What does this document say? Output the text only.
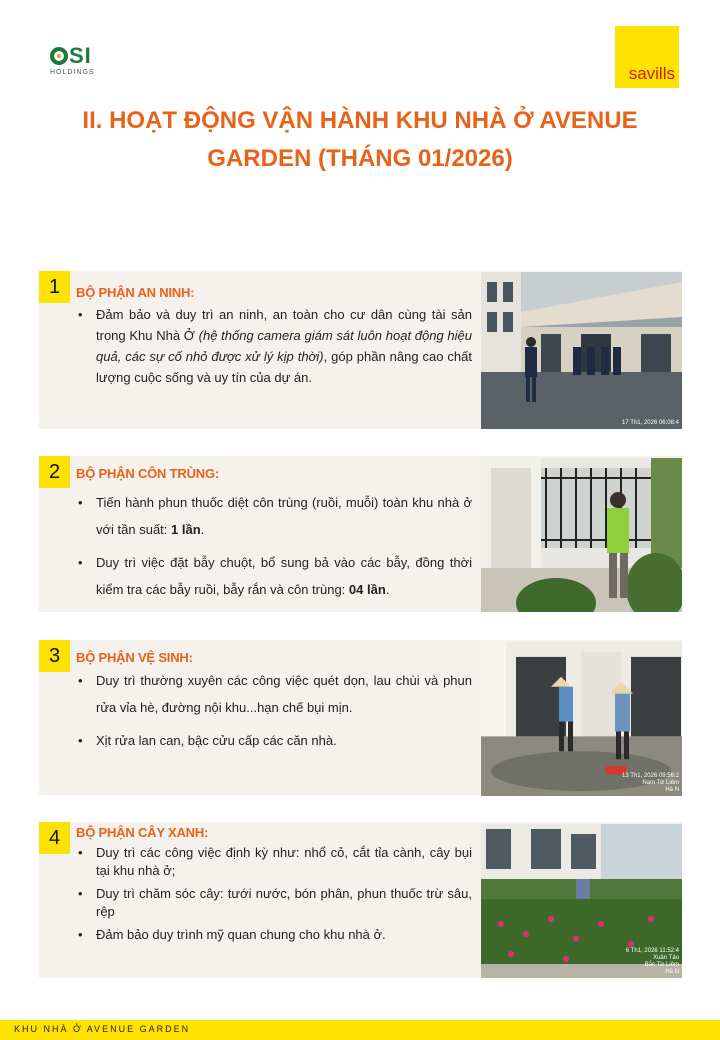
SI
HOLDINGS	savills
II. HOẠT ĐỘNG VẬN HÀNH KHU NHÀ Ở AVENUE
GARDEN (THÁNG 01/2026)
1	BỘ PHẬN AN NINH:
• Đảm bảo và duy trì an ninh, an toàn cho cư dân cùng tài sản trong Khu Nhà Ở (hệ thống camera giám sát luôn hoạt động hiệu quả, các sự cố nhỏ được xử lý kịp thời), góp phần nâng cao chất lượng cuộc sống và uy tín của dự án.
17 Th1, 2026 06:08:4
2	BỘ PHẬN CÔN TRÙNG:
• Tiến hành phun thuốc diệt côn trùng (ruồi, muỗi) toàn khu nhà ở với tần suất: 1 lần.
• Duy trì việc đặt bẫy chuột, bổ sung bả vào các bẫy, đồng thời kiểm tra các bẫy ruồi, bẫy rắn và côn trùng: 04 lần.
3	BỘ PHẬN VỆ SINH:
• Duy trì thường xuyên các công việc quét dọn, lau chùi và phun rửa vỉa hè, đường nội khu...hạn chế bụi mịn.
• Xịt rửa lan can, bậc cửu cấp các căn nhà.
13 Th1, 2026 09:56:2
Nam Từ Liêm
Hà N
4	BỘ PHẬN CÂY XANH:
• Duy trì các công việc định kỳ như: nhổ cỏ, cắt tỉa cành, cây bụi tại khu nhà ở;
• Duy trì chăm sóc cây: tưới nước, bón phân, phun thuốc trừ sâu, rệp
• Đảm bảo duy trình mỹ quan chung cho khu nhà ở.
6 Th1, 2026 11:52:4
Xuân Tảo
Bắc Từ Liêm
Hà N
KHU NHÀ Ở AVENUE GARDEN
